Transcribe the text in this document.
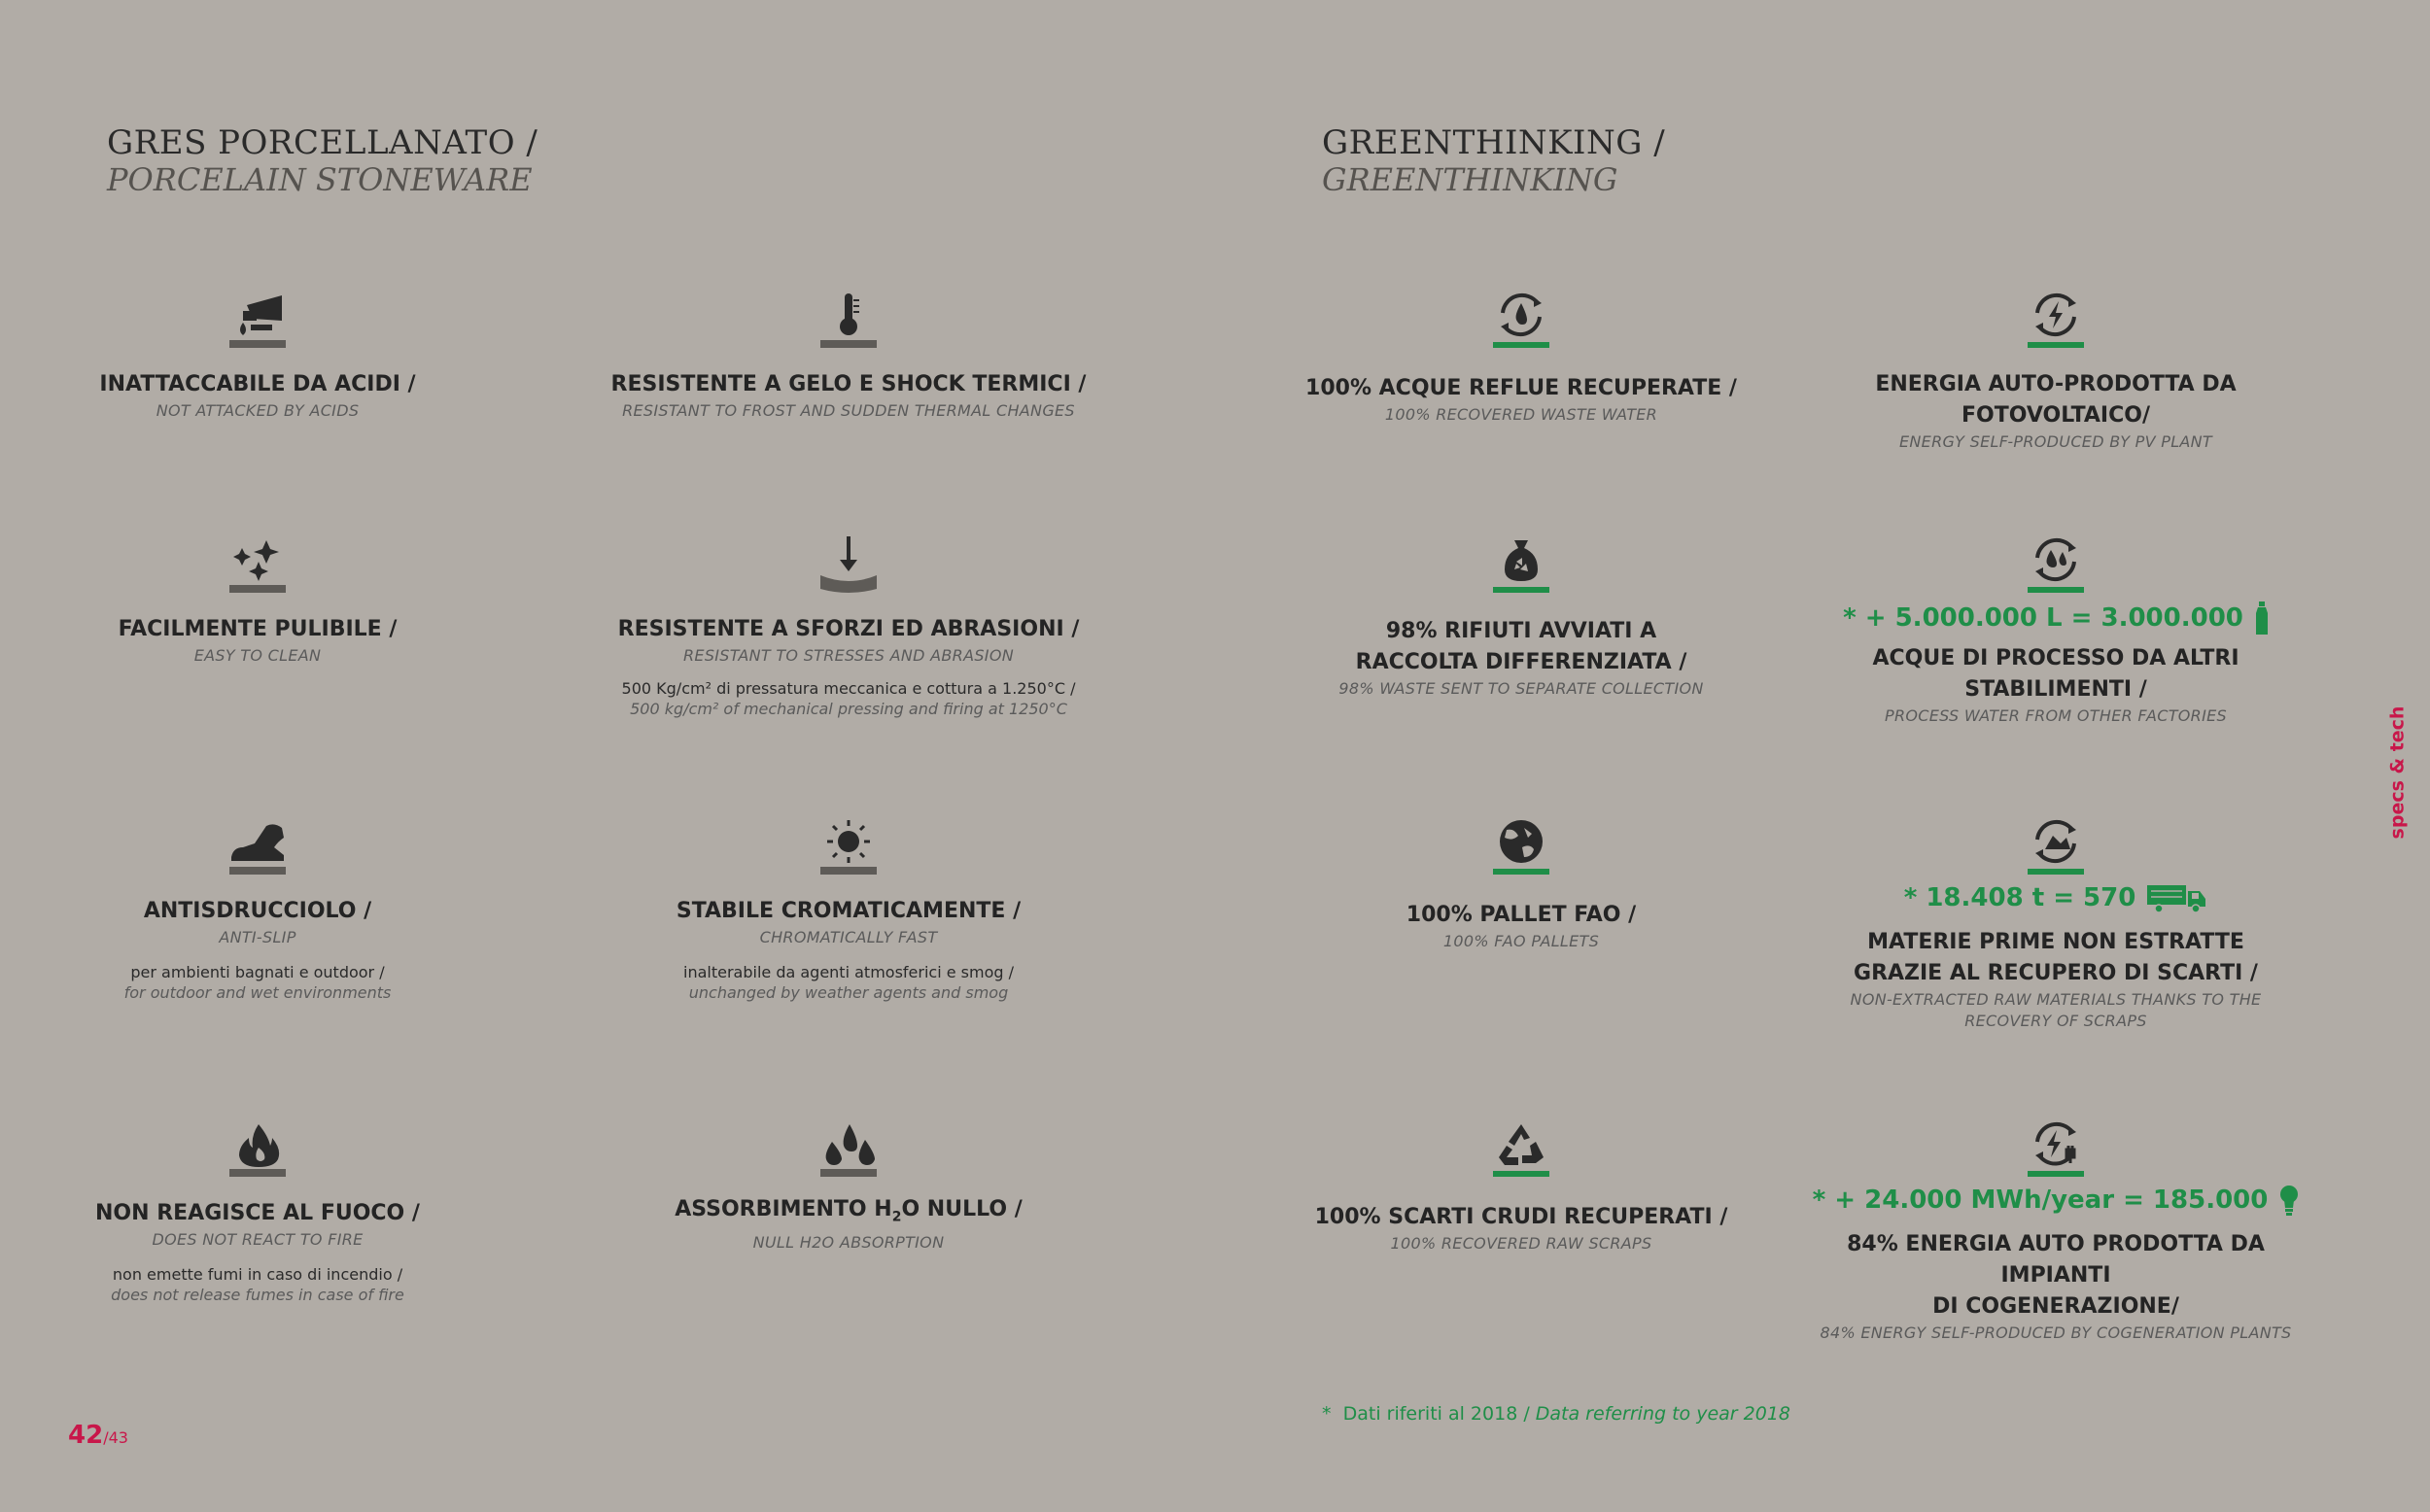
GRES PORCELLANATO /
PORCELAIN STONEWARE
GREENTHINKING /
GREENTHINKING
INATTACCABILE DA ACIDI /
NOT ATTACKED BY ACIDS
FACILMENTE PULIBILE /
EASY TO CLEAN
ANTISDRUCCIOLO /
ANTI-SLIP
per ambienti bagnati e outdoor /
for outdoor and wet environments
NON REAGISCE AL FUOCO /
DOES NOT REACT TO FIRE
non emette fumi in caso di incendio /
does not release fumes in case of fire
RESISTENTE A GELO E SHOCK TERMICI /
RESISTANT TO FROST AND SUDDEN THERMAL CHANGES
RESISTENTE A SFORZI ED ABRASIONI /
RESISTANT TO STRESSES AND ABRASION
500 Kg/cm² di pressatura meccanica e cottura a 1.250°C /
500 kg/cm² of mechanical pressing and firing at 1250°C
STABILE CROMATICAMENTE /
CHROMATICALLY FAST
inalterabile da agenti atmosferici e smog /
unchanged by weather agents and smog
ASSORBIMENTO $H_2O$ NULLO /
NULL H2O ABSORPTION
100% ACQUE REFLUE RECUPERATE /
100% RECOVERED WASTE WATER
98% RIFIUTI AVVIATI A
RACCOLTA DIFFERENZIATA /
98% WASTE SENT TO SEPARATE COLLECTION
100% PALLET FAO /
100% FAO PALLETS
100% SCARTI CRUDI RECUPERATI /
100% RECOVERED RAW SCRAPS
ENERGIA AUTO-PRODOTTA DA
FOTOVOLTAICO/
ENERGY SELF-PRODUCED BY PV PLANT
* + 5.000.000 L = 3.000.000
ACQUE DI PROCESSO DA ALTRI
STABILIMENTI /
PROCESS WATER FROM OTHER FACTORIES
* 18.408 t = 570
MATERIE PRIME NON ESTRATTE
GRAZIE AL RECUPERO DI SCARTI /
NON-EXTRACTED RAW MATERIALS THANKS TO THE
RECOVERY OF SCRAPS
* + 24.000 MWh/year = 185.000
84% ENERGIA AUTO PRODOTTA DA IMPIANTI
DI COGENERAZIONE/
84% ENERGY SELF-PRODUCED BY COGENERATION PLANTS
* Dati riferiti al 2018 / Data referring to year 2018
specs & tech
42/43
